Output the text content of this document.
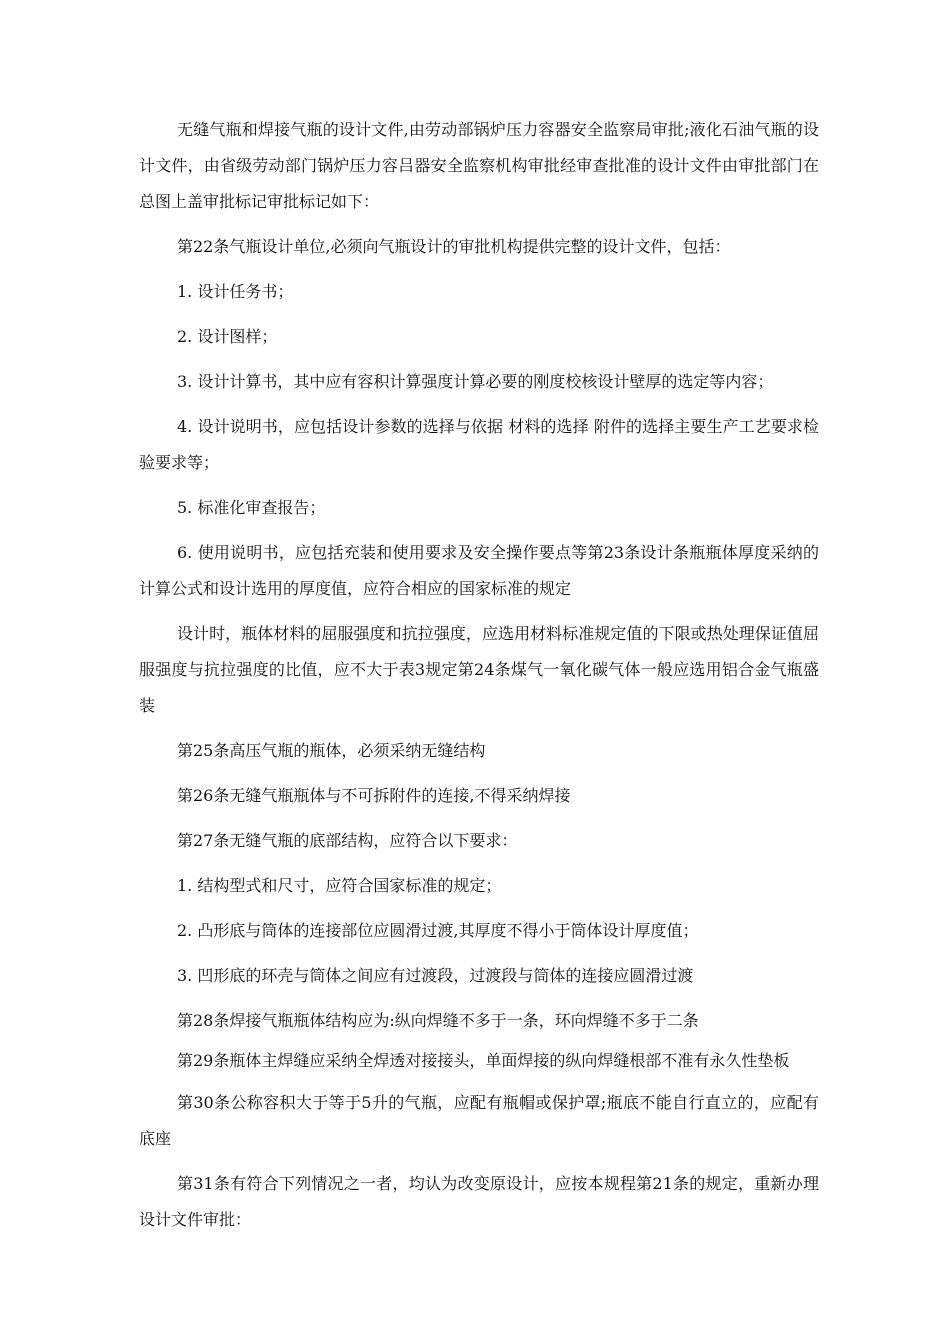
无缝气瓶和焊接气瓶的设计文件,由劳动部锅炉压力容器安全监察局审批;液化石油气瓶的设计文件，由省级劳动部门锅炉压力容吕器安全监察机构审批经审查批准的设计文件由审批部门在总图上盖审批标记审批标记如下：

第22条气瓶设计单位,必须向气瓶设计的审批机构提供完整的设计文件，包括：

1. 设计任务书；

2. 设计图样；

3. 设计计算书，其中应有容积计算强度计算必要的刚度校核设计壁厚的选定等内容；

4. 设计说明书，应包括设计参数的选择与依据 材料的选择 附件的选择主要生产工艺要求检验要求等；

5. 标准化审查报告；

6. 使用说明书，应包括充装和使用要求及安全操作要点等第23条设计条瓶瓶体厚度采纳的计算公式和设计选用的厚度值，应符合相应的国家标准的规定

设计时，瓶体材料的屈服强度和抗拉强度，应选用材料标准规定值的下限或热处理保证值屈服强度与抗拉强度的比值，应不大于表3规定第24条煤气一氧化碳气体一般应选用铝合金气瓶盛装

第25条高压气瓶的瓶体，必须采纳无缝结构

第26条无缝气瓶瓶体与不可拆附件的连接,不得采纳焊接

第27条无缝气瓶的底部结构，应符合以下要求：

1. 结构型式和尺寸，应符合国家标准的规定；

2. 凸形底与筒体的连接部位应圆滑过渡,其厚度不得小于筒体设计厚度值；

3. 凹形底的环壳与筒体之间应有过渡段，过渡段与筒体的连接应圆滑过渡

第28条焊接气瓶瓶体结构应为:纵向焊缝不多于一条，环向焊缝不多于二条

第29条瓶体主焊缝应采纳全焊透对接接头，单面焊接的纵向焊缝根部不准有永久性垫板

第30条公称容积大于等于5升的气瓶，应配有瓶帽或保护罩;瓶底不能自行直立的，应配有底座

第31条有符合下列情况之一者，均认为改变原设计，应按本规程第21条的规定，重新办理设计文件审批：
